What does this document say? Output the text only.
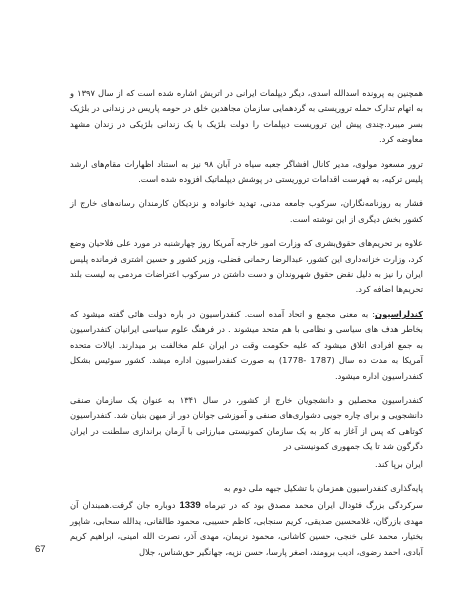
همچنین به پرونده اسدالله اسدی، دیگر دیپلمات ایرانی در اتریش اشاره شده است که از سال ۱۳۹۷ و به اتهام تدارک حمله تروریستی به گردهمایی سازمان مجاهدین خلق در حومه پاریس در زندانی در بلژیک بسر میبرد.چندی پیش این تروریست دیپلمات را دولت بلژیک با یک زندانی بلژیکی در زندان مشهد معاوضه کرد.

ترور مسعود مولوی، مدیر کانال افشاگر جعبه سیاه در آبان ۹۸ نیز به استناد اظهارات مقام‌های ارشد پلیس ترکیه، به فهرست اقدامات تروریستی در پوشش دیپلماتیک افزوده شده است.

فشار به روزنامه‌نگاران، سرکوب جامعه مدنی، تهدید خانواده و نزدیکان کارمندان رسانه‌های خارج از کشور بخش دیگری از این نوشته است.

علاوه بر تحریم‌های حقوق‌بشری که وزارت امور خارجه آمریکا روز چهارشنبه در مورد علی فلاحیان وضع کرد، وزارت خزانه‌داری این کشور، عبدالرضا رحمانی فضلی، وزیر کشور و حسین اشتری فرمانده پلیس ایران را نیز به دلیل نقض حقوق شهروندان و دست داشتن در سرکوب اعتراضات مردمی به لیست بلند تحریم‌ها اضافه کرد.

کندلراسیون: به معنی مجمع و اتحاد آمده است. کنفدراسیون در باره دولت هائی گفته میشود که بخاطر هدف های سیاسی و نظامی با هم متحد میشوند . در فرهنگ علوم سیاسی ایرانیان کنفدراسیون به جمع افرادی اتلاق میشود که علیه حکومت وقت در ایران علم مخالفت بر میدارند. ایالات متحده آمریکا به مدت ده سال (1787 -1778) به صورت کنفدراسیون اداره میشد. کشور سوئیس بشکل کنفدراسیون اداره میشود.

کنفدراسیون محصلین و دانشجویان خارج از کشور، در سال ۱۳۴۱ به عنوان یک سازمان صنفی دانشجویی و برای چاره جویی دشواری‌های صنفی و آموزشی جوانان دور از میهن بنیان شد. کنفدراسیون کوتاهی که پس از آغاز به کار به یک سازمان کمونیستی مبارزاتی با آرمان براندازی سلطنت در ایران دگرگون شد تا یک جمهوری کمونیستی در

ایران برپا کند.

پایه‌گذاری کنفدراسیون همزمان با تشکیل جبهه ملی دوم به

سرکردگی بزرگ فئودال ایران محمد مصدق بود که در تیرماه 1339 دوباره جان گرفت.همبندان آن مهدی بازرگان، غلامحسین صدیقی، کریم سنجابی، کاظم حسیبی، محمود طالقانی، یدالله سحابی، شاپور بختیار، محمد علی خنجی، حسین کاشانی، محمود نریمان، مهدی آذر، نصرت الله امینی، ابراهیم کریم آبادی، احمد رضوی، ادیب برومند، اصغر پارسا، حسن نزیه، جهانگیر حق‌شناس، جلال

67
